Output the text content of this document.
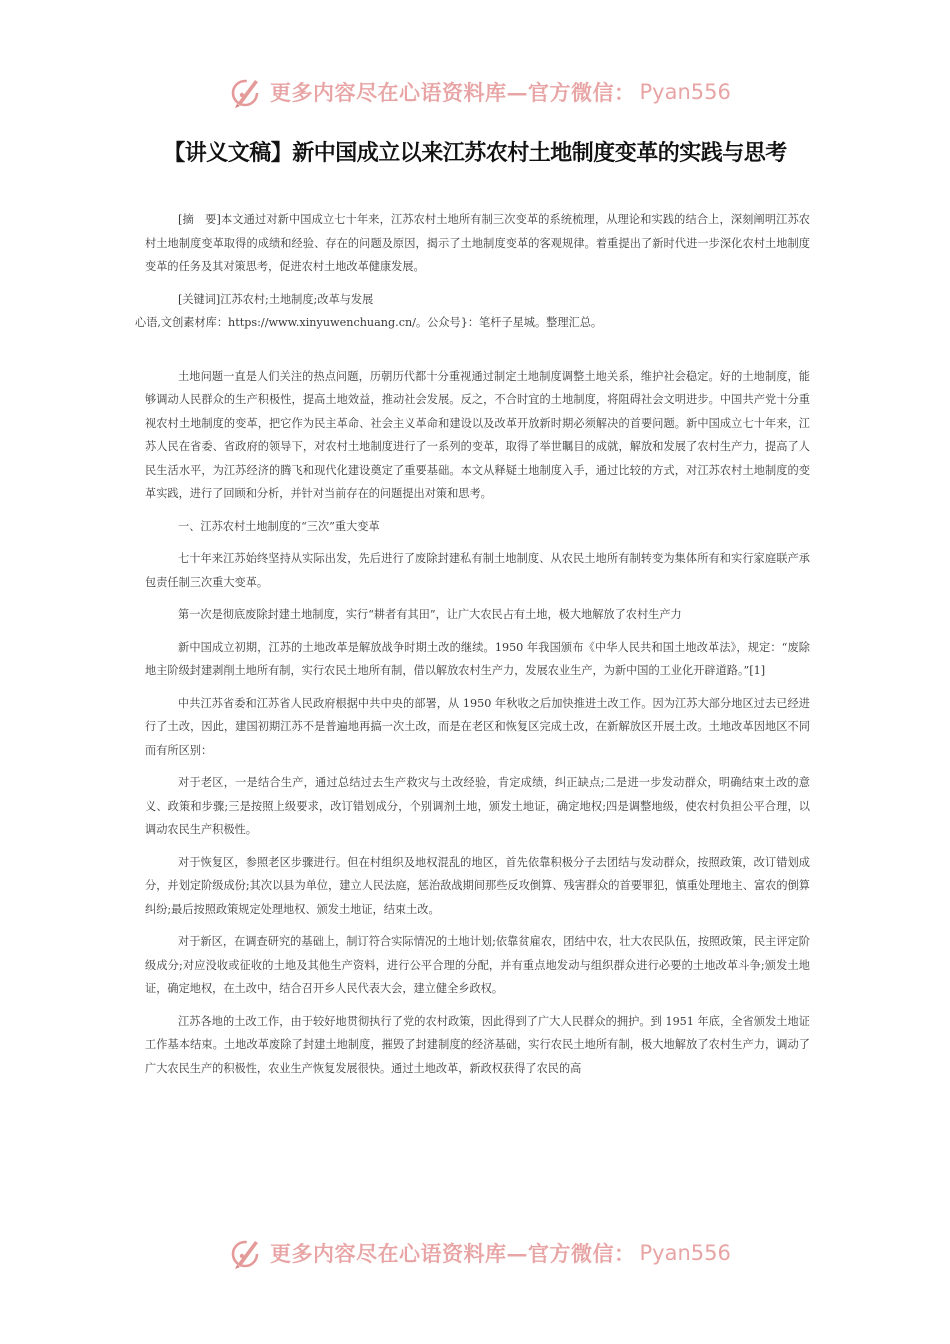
更多内容尽在心语资料库—官方微信： Pyan556
【讲义文稿】新中国成立以来江苏农村土地制度变革的实践与思考

[摘　要]本文通过对新中国成立七十年来，江苏农村土地所有制三次变革的系统梳理，从理论和实践的结合上，深刻阐明江苏农村土地制度变革取得的成绩和经验、存在的问题及原因，揭示了土地制度变革的客观规律。着重提出了新时代进一步深化农村土地制度变革的任务及其对策思考，促进农村土地改革健康发展。

[关键词]江苏农村;土地制度;改革与发展

心语,文创素材库：https://www.xinyuwenchuang.cn/。公众号}：笔杆子星城。整理汇总。

土地问题一直是人们关注的热点问题，历朝历代都十分重视通过制定土地制度调整土地关系，维护社会稳定。好的土地制度，能够调动人民群众的生产积极性，提高土地效益，推动社会发展。反之，不合时宜的土地制度，将阻碍社会文明进步。中国共产党十分重视农村土地制度的变革，把它作为民主革命、社会主义革命和建设以及改革开放新时期必须解决的首要问题。新中国成立七十年来，江苏人民在省委、省政府的领导下，对农村土地制度进行了一系列的变革，取得了举世瞩目的成就，解放和发展了农村生产力，提高了人民生活水平，为江苏经济的腾飞和现代化建设奠定了重要基础。本文从释疑土地制度入手，通过比较的方式，对江苏农村土地制度的变革实践，进行了回顾和分析，并针对当前存在的问题提出对策和思考。

一、江苏农村土地制度的“三次”重大变革

七十年来江苏始终坚持从实际出发，先后进行了废除封建私有制土地制度、从农民土地所有制转变为集体所有和实行家庭联产承包责任制三次重大变革。

第一次是彻底废除封建土地制度，实行“耕者有其田”，让广大农民占有土地，极大地解放了农村生产力

新中国成立初期，江苏的土地改革是解放战争时期土改的继续。1950 年我国颁布《中华人民共和国土地改革法》，规定：“废除地主阶级封建剥削土地所有制，实行农民土地所有制，借以解放农村生产力，发展农业生产，为新中国的工业化开辟道路。”[1]

中共江苏省委和江苏省人民政府根据中共中央的部署，从 1950 年秋收之后加快推进土改工作。因为江苏大部分地区过去已经进行了土改，因此，建国初期江苏不是普遍地再搞一次土改，而是在老区和恢复区完成土改，在新解放区开展土改。土地改革因地区不同而有所区别：

对于老区，一是结合生产，通过总结过去生产救灾与土改经验，肯定成绩，纠正缺点;二是进一步发动群众，明确结束土改的意义、政策和步骤;三是按照上级要求，改订错划成分，个别调剂土地，颁发土地证，确定地权;四是调整地级，使农村负担公平合理，以调动农民生产积极性。

对于恢复区，参照老区步骤进行。但在村组织及地权混乱的地区，首先依靠积极分子去团结与发动群众，按照政策，改订错划成分，并划定阶级成份;其次以县为单位，建立人民法庭，惩治敌战期间那些反攻倒算、残害群众的首要罪犯，慎重处理地主、富农的倒算纠纷;最后按照政策规定处理地权、颁发土地证，结束土改。

对于新区，在调查研究的基础上，制订符合实际情况的土地计划;依靠贫雇农，团结中农，壮大农民队伍，按照政策，民主评定阶级成分;对应没收或征收的土地及其他生产资料，进行公平合理的分配，并有重点地发动与组织群众进行必要的土地改革斗争;颁发土地证，确定地权，在土改中，结合召开乡人民代表大会，建立健全乡政权。

江苏各地的土改工作，由于较好地贯彻执行了党的农村政策，因此得到了广大人民群众的拥护。到 1951 年底，全省颁发土地证工作基本结束。土地改革废除了封建土地制度，摧毁了封建制度的经济基础，实行农民土地所有制，极大地解放了农村生产力，调动了广大农民生产的积极性，农业生产恢复发展很快。通过土地改革，新政权获得了农民的高

更多内容尽在心语资料库—官方微信： Pyan556
